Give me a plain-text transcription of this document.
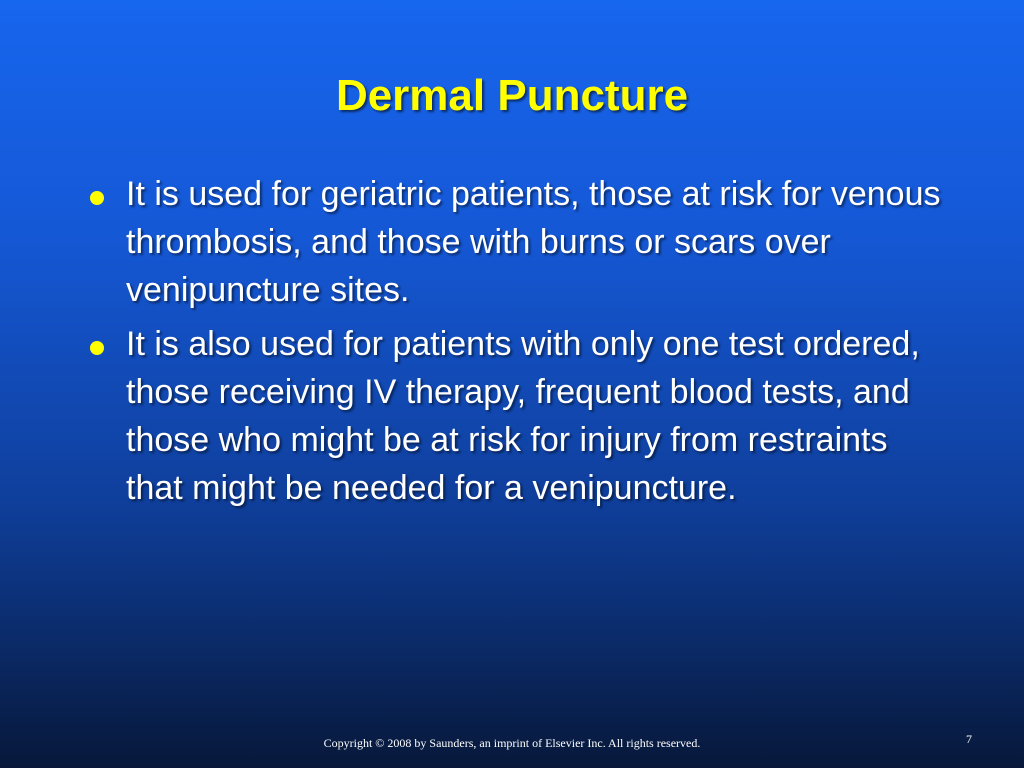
Dermal Puncture
It is used for geriatric patients, those at risk for venous thrombosis, and those with burns or scars over venipuncture sites.
It is also used for patients with only one test ordered, those receiving IV therapy, frequent blood tests, and those who might be at risk for injury from restraints that might be needed for a venipuncture.
Copyright © 2008 by Saunders, an imprint of Elsevier Inc. All rights reserved.	7
